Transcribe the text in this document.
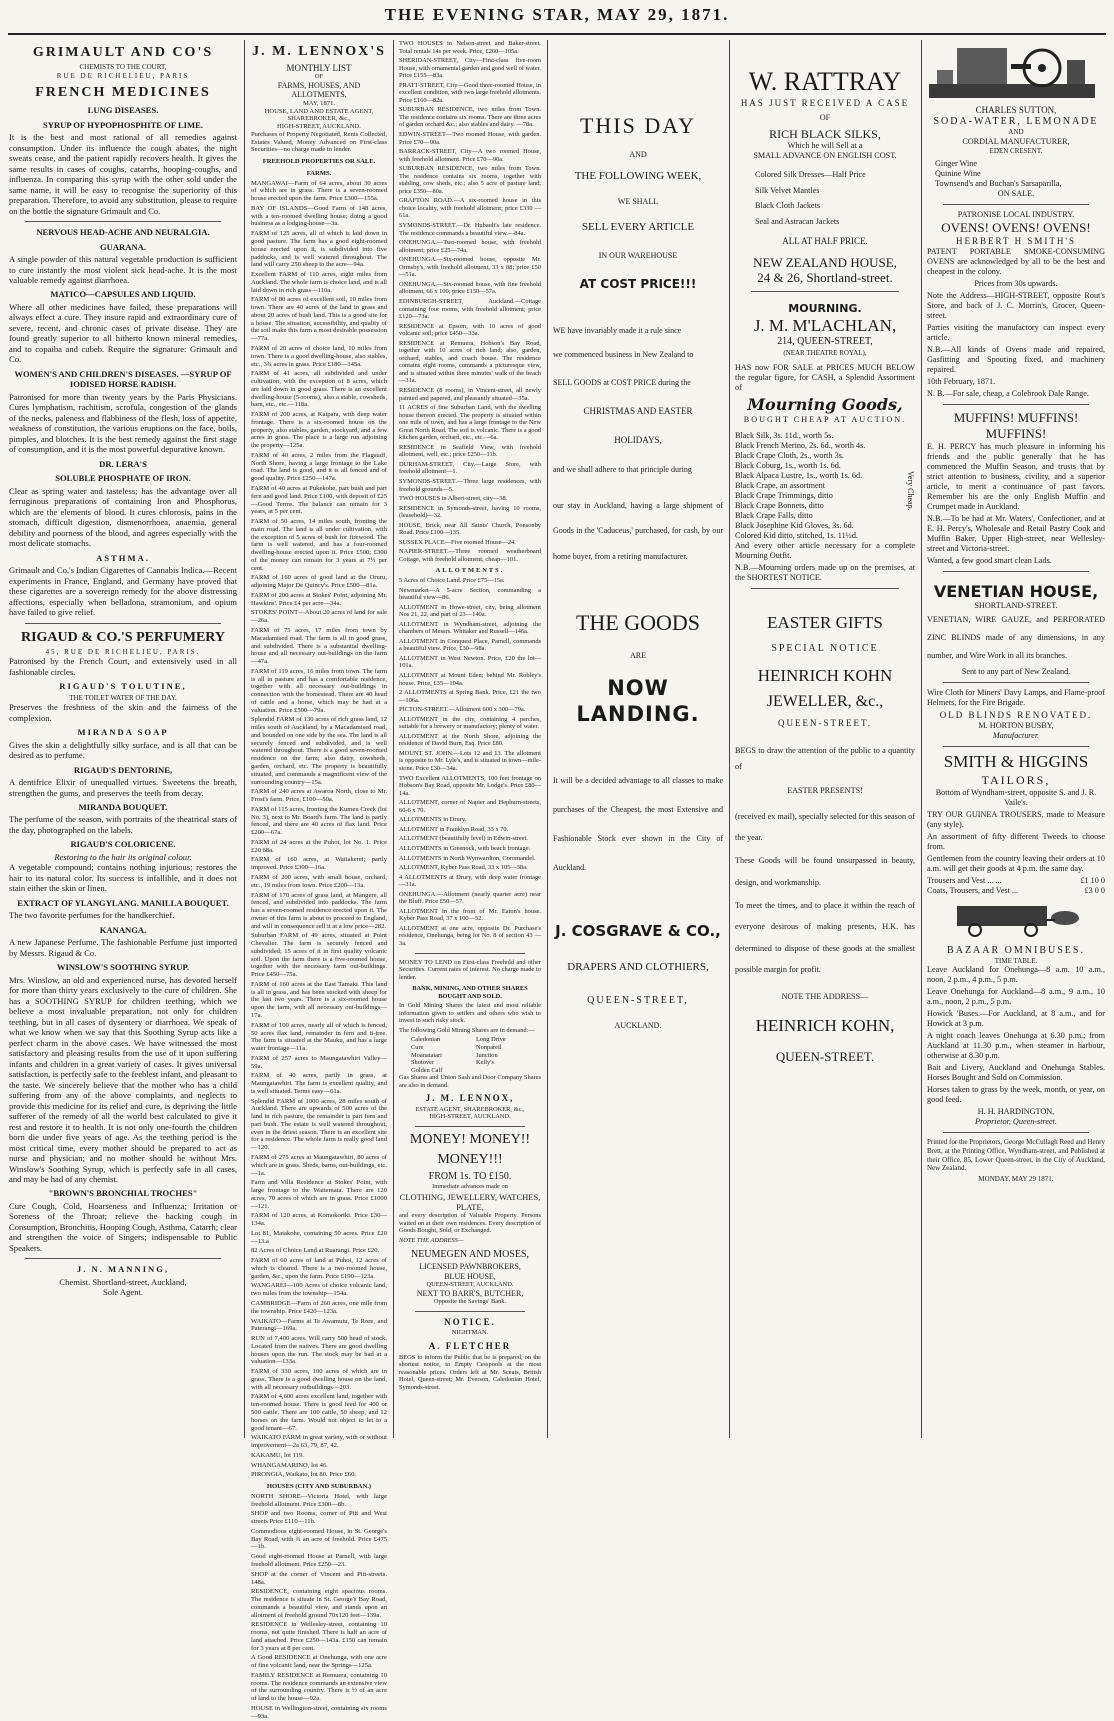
THE EVENING STAR, MAY 29, 1871.
GRIMAULT AND CO'S
CHEMISTS TO THE COURT,
RUE DE RICHELIEU, PARIS
FRENCH MEDICINES
LUNG DISEASES.
SYRUP OF HYPOPHOSPHITE OF LIME.

It is the best and most rational of all remedies against consumption. Under its influence the cough abates, the night sweats cease, and the patient rapidly recovers health. It gives the same results in cases of coughs, catarrhs, hooping-coughs, and influenza. In comparing this syrup with the other sold under the same name, it will be easy to recognise the superiority of this preparation. Therefore, to avoid any substitution, please to require on the bottle the signature Grimault and Co.

NERVOUS HEAD-ACHE AND NEURALGIA.
GUARANA.

A single powder of this natural vegetable production is sufficient to cure instantly the most violent sick head-ache. It is the most valuable remedy against diarrhoea.

MATICO—CAPSULES AND LIQUID.

Where all other medicines have failed, these preparations will always effect a cure. They insure rapid and extraordinary cure of severe, recent, and chronic cases of private disease. They are found greatly superior to all hitherto known mineral remedies, and to copaiba and cubeb. Require the signature: Grimault and Co.

WOMEN'S AND CHILDREN'S DISEASES. —SYRUP OF IODISED HORSE RADISH.

Patronised for more than twenty years by the Paris Physicians. Cures lymphatism, rachitism, scrofula, congestion of the glands of the necks, paleness and flabbiness of the flesh, loss of appetite, weakness of constitution, the various eruptions on the face, boils, pimples, and blotches. It is the best remedy against the first stage of consumption, and it is the most powerful depurative known.

DR. LERA'S
SOLUBLE PHOSPHATE OF IRON.

Clear as spring water and tasteless; has the advantage over all ferruginous preparations of containing Iron and Phosphorus, which are the elements of blood. It cures chlorosis, pains in the stomach, difficult digestion, dismenorrhoea, anaemia, general debility and poorness of the blood, and agrees especially with the most delicate stomachs.

ASTHMA.

Grimault and Co.'s Indian Cigarettes of Cannabis Indica.—Recent experiments in France, England, and Germany have proved that these cigarettes are a sovereign remedy for the above distressing affections, especially when belladona, stramonium, and opium have failed to give relief.

RIGAUD & CO.'S PERFUMERY
45, RUE DE RICHELIEU, PARIS.

Patronised by the French Court, and extensively used in all fashionable circles.

RIGAUD'S TOLUTINE,
THE TOILET WATER OF THE DAY.

Preserves the freshness of the skin and the fairness of the complexion.

MIRANDA SOAP

Gives the skin a delightfully silky surface, and is all that can be desired as to perfume.

RIGAUD'S DENTORINE,

A dentifrice Elixir of unequalled virtues. Sweetens the breath, strengthen the gums, and preserves the teeth from decay.

MIRANDA BOUQUET.

The perfume of the season, with portraits of the theatrical stars of the day, photographed on the labels.

RIGAUD'S COLORICENE.
Restoring to the hair its original colour.

A vegetable compound; contains nothing injurious; restores the hair to its natural color. Its success is infallible, and it does not stain either the skin or linen.

EXTRACT OF YLANGYLANG. MANILLA BOUQUET.

The two favorite perfumes for the handkerchief.

KANANGA.

A new Japanese Perfume. The fashionable Perfume just imported by Messrs. Rigaud & Co.

WINSLOW'S SOOTHING SYRUP.

Mrs. Winslow, an old and experienced nurse, has devoted herself for more than thirty years exclusively to the cure of children. She has a SOOTHING SYRUP for children teething, which we believe a most invaluable preparation, not only for children teething, but in all cases of dysentery or diarrhoea. We speak of what we know when we say that this Soothing Syrup acts like a perfect charm in the above cases. We have witnessed the most satisfactory and pleasing results from the use of it upon suffering infants and children in a great variety of cases. It gives universal satisfaction, is perfectly safe to the feeblest infant, and pleasant to the taste. We sincerely believe that the mother who has a child suffering from any of the above complaints, and neglects to provide this medicine for its relief and cure, is depriving the little sufferer of the remedy of all the world best calculated to give it rest and restore it to health. It is not only one-fourth the children born die under five years of age. As the teething period is the most critical time, every mother should be prepared to act as nurse and physician; and no mother should be without Mrs. Winslow's Soothing Syrup, which is perfectly safe in all cases, and may be had of any chemist.

"BROWN'S BRONCHIAL TROCHES"

Cure Cough, Cold, Hoarseness and Influenza; Irritation or Soreness of the Throat; relieve the hacking cough in Consumption, Bronchitis, Hooping Cough, Asthma, Catarrh; clear and strengthen the voice of Singers; indispensable to Public Speakers.

J. N. MANNING,
Chemist. Shortland-street, Auckland,
Sole Agent.
J. M. LENNOX'S
MONTHLY LIST
OF
FARMS, HOUSES, AND ALLOTMENTS,
MAY, 1871.
HOUSE, LAND AND ESTATE AGENT, SHAREBROKER, &c.,
HIGH-STREET, AUCKLAND.

Purchases of Property Negotiated, Rents Collected, Estates Valued, Money Advanced on First-class Securities—no charge made to lender.

FREEHOLD PROPERTIES OR SALE.
FARMS.

MANGAWAI—Farm of 64 acres, about 30 acres of which are in grass. There is a seven-roomed house erected upon the farm. Price £300—155a.

BAY OF ISLANDS—Good Farm of 148 acres, with a ten-roomed dwelling house; doing a good business as a lodging-house—3a.

FARM of 125 acres, all of which is laid down in good pasture. The farm has a good eight-roomed house erected upon it, is subdivided into five paddocks, and is well watered throughout. The land will carry 250 sheep to the acre—94a.

Excellent FARM of 110 acres, eight miles from Auckland. The whole farm is choice land, and is all laid down in rich grass—110a.

FARM of 80 acres of excellent soil, 10 miles from town. There are 40 acres of the land in grass and about 20 acres of bush land. This is a good site for a house. The situation, accessibility, and quality of the soil make this farm a most desirable possession—77a.

FARM of 20 acres of choice land, 10 miles from town. There is a good dwelling-house, also stables, etc., 3¾ acres in grass. Price £180—145a.

FARM of 41 acres, all subdivided and under cultivation, with the exception of 8 acres, which are laid down in good grass. There is an excellent dwelling-house (5-rooms), also a stable, cowsheds, barn, etc., etc.—118a.

FARM of 200 acres, at Kaipara, with deep water frontage. There is a six-roomed house on the property, also stables, garden, stockyard, and a few acres in grass. The place is a large run adjoining the property—125a.

FARM of 40 acres, 2 miles from the Flagstaff, North Shore, having a large frontage to the Lake road. The land is good, and it is all fenced and of good quality. Price £250—147a.

FARM of 40 acres at Pukekohe, part bush and part fern and good land. Price £100, with deposit of £25—Good Terms. The balance can remain for 3 years, at 5 per cent.

FARM of 50 acres, 14 miles south, fronting the main road. The land is all under cultivation, with the exception of 5 acres of bush for firewood. The farm is well watered, and has a four-roomed dwelling-house erected upon it. Price £500; £300 of the money can remain for 3 years at 7½ per cent.

FARM of 160 acres of good land at the Oruru, adjoining Major De Quincy's. Price £500—81a.

FARM of 200 acres at Stokes' Point, adjoining Mr. Hawkins'. Price £4 per acre—34a.

STOKES' POINT—About 20 acres of land for sale —26a.

FARM of 75 acres, 17 miles from town by Macadamised road. The farm is all in good grass, and subdivided. There is a substantial dwelling-house and all necessary out-buildings on the farm—47a.

FARM of 119 acres, 16 miles from town. The farm is all in pasture and has a comfortable residence, together with all necessary out-buildings in connection with the homestead. There are 40 head of cattle and a horse, which may be had at a valuation. Price £500—79a.

Splendid FARM of 130 acres of rich grass land, 12 miles south of Auckland, by a Macadamised road, and bounded on one side by the sea. The land is all securely fenced and subdivided, and is well watered throughout. There is a good seven-roomed residence on the farm; also dairy, cowsheds, garden, orchard, etc. The property is beautifully situated, and commands a magnificent view of the surrounding country—15a.

FARM of 240 acres at Awaroa North, close to Mr. Frost's farm. Price, £100—50a.

FARM of 115 acres, fronting the Kumeu Creek (lot No. 3), next to Mr. Board's farm. The land is partly fenced, and there are 40 acres of flax land. Price £200—67a.

FARM of 24 acres at the Puhoi, lot No. 1. Price £20 68a.

FARM of 160 acres, at Waitakerei; partly improved. Price £300—16a.

FARM of 200 acres, with small house, orchard, etc., 19 miles from town. Price £200—13a.

FARM of 170 acres of grass land, at Mangere, all fenced, and subdivided into paddocks. The farm has a seven-roomed residence erected upon it. The owner of this farm is about to proceed to England, and will in consequence sell it at a low price—282.

Suburban FARM of 49 acres, situated at Point Chevalier. The farm is securely fenced and subdivided; 15 acres of it in first quality volcanic soil. Upon the farm there is a five-roomed house, together with the necessary farm out-buildings. Price £450—75a.

FARM of 160 acres at the East Tamaki. This land is all in grass, and has been stocked with sheep for the last two years. There is a six-roomed house upon the farm, with all necessary out-buildings—17a.

FARM of 100 acres, nearly all of which is fenced, 50 acres flax land, remainder in fern and ti-tree. The farm is situated at the Mauku, and has a large water frontage—11a.

FARM of 257 acres to Maungatawhiri Valley—59a.

FARM of 40 acres, partly in grass, at Maungatawhiri. The farm is excellent quality, and is well situated. Terms easy—61a.

Splendid FARM of 1000 acres, 28 miles south of Auckland. There are upwards of 500 acres of the land in rich pasture, the remainder is part fern and part bush. The estate is well watered throughout, even in the driest season. There is an excellent site for a residence. The whole farm is really good land—120.

FARM of 275 acres at Maungatawhiri, 80 acres of which are in grass. Sheds, barns, out-buildings, etc.—1a.

Farm and Villa Residence at Stokes' Point, with large frontage to the Waitemata. There are 120 acres, 70 acres of which are in grass. Price £1000—121.

FARM of 120 acres, at Komokoriki. Price £30—134a.

Lot 81, Matakohe, containing 50 acres. Price £20—13.a

82 Acres of Choice Land at Ruarangi. Price £20.

FARM of 60 acres of land at Puhoi, 12 acres of which is cleared. There is a two-roomed house, garden, &c., upon the farm. Price £190—123a.

WANGAREI—100 Acres of choice volcanic land, two miles from the township—154a.

CAMBRIDGE—Farm of 260 acres, one mile from the township. Price £420—123a.

WAIKATO—Farms at Te Awamutu, Te Rore, and Paterangi—169a.

RUN of 7,400 acres. Will carry 500 head of stock. Located from the natives. There are good dwelling houses upon the run. The stock may be had at a valuation—133a.

FARM of 330 acres, 100 acres of which are in grass. There is a good dwelling house on the land, with all necessary outbuildings—203.

FARM of 4,600 acres excellent land, together with ten-roomed house. There is good feed for 400 or 500 cattle. There are 100 cattle, 50 sheep, and 12 horses on the farm. Would not object to let to a good tenant—67.

WAIKATO FARM in great variety, with or without improvement—2a 63, 79, 87, 42.

KAKAMU, lot 119.

WHANGAMARINO, lot 46.

PIRONGIA, Waikato, lot 80. Price £60.

HOUSES (CITY AND SUBURBAN.)

NORTH SHORE—Victoria Hotel, with large freehold allotment. Price £300—8b.

SHOP and two Rooms, corner of Pitt and West streets Price £110—11b.

Commodious eight-roomed House, in St. George's Bay Road, with ¾ an acre of freehold. Price £475 —1b.

Good eight-roomed House at Parnell, with large freehold allotment. Price £250—23.

SHOP at the corner of Vincent and Pitt-streets. 148a.

RESIDENCE, containing eight spacious rooms. The residence is situate in St. George's Bay Road, commands a beautiful view, and stands upon an allotment of freehold ground 70x120 feet—139a.

RESIDENCE in Wellesley-street, containing 10 rooms, not quite finished. There is half an acre of land attached. Price £250—143a. £150 can remain for 3 years at 8 per cent.

A Good RESIDENCE at Onehunga, with one acre of fine volcanic land, near the Springs—125a.

FAMILY RESIDENCE at Remuera, containing 10 rooms. The residence commands an extensive view of the surrounding country. There is ½ of an acre of land to the house—92a.

HOUSE in Wellington-street, containing six rooms—93a.

TWO HOUSES in Nelson-street and Baker-street. Total rentals 14s per week. Price, £260—105a.

SHERIDAN-STREET, City—First-class five-room House, with ornamental garden and good well of water. Price £155—83a.

PRATT-STREET, City—Good three-roomed House, in excellent condition, with two large freehold allotments. Price £160—82a.

SUBURBAN RESIDENCE, two miles from Town. The residence contains six rooms. There are three acres of garden orchard &c.; also stables and dairy. —78a.

EDWIN-STREET—Two roomed House, with garden. Price £70—90a.

BARRACK-STREET, City—A two roomed House, with freehold allotment. Price £70—90a.

SUBURBAN RESIDENCE, two miles from Town. The residence contains six rooms, together with stabling, cow sheds, etc.; also 5 acre of pasture land; price £350—80a.

GRAFTON ROAD.—A six-roomed house in this choice locality, with freehold allotment; price £330 —61a.

SYMONDS-STREET.—Dr. Hubault's late residence. The residence commands a beautiful view.—84a.

ONEHUNGA.—Two-roomed house, with freehold allotment; price £25—74a.

ONEHUNGA.—Six-roomed house, opposite Mr. Ormsby's, with freehold allotment, 33 x 88; price £50—51a.

ONEHUNGA.—Six-roomed house, with fine freehold allotment, 66 x 100; price £150—57a.

EDINBURGH-STREET, Auckland.—Cottage containing four rooms, with freehold allotment; price £120—73a.

RESIDENCE at Epsom, with 10 acres of good volcanic soil; price £450—33a.

RESIDENCE at Remuera, Hobson's Bay Road, together with 10 acres of rich land; also, garden, orchard, stables, and coach house. The residence contains eight rooms, commands a picturesque view, and is situated within three minutes' walk of the beach—31a.

RESIDENCE (8 rooms), in Vincent-street, all newly painted and papered, and pleasantly situated—35a.

11 ACRES of fine Suburban Land, with the dwelling house thereon erected. The property is situated within one mile of town, and has a large frontage to the New Great North Road. The soil is volcanic. There is a good kitchen garden, orchard, etc., etc.—6a.

RESIDENCE in Seafield View, with freehold allotment, well, etc.; price £250—11b.

DURHAM-STREET, City.—Large Store, with freehold allotment—1.

SYMONDS-STREET.—Three large residences, with freehold grounds—5.

TWO HOUSES in Albert-street, city—38.

RESIDENCE in Symonds-street, having 10 rooms, (leasehold)—32.

HOUSE, Brick, near All Saints' Church, Ponsonby Road. Price £100—135.

SUSSEX PLACE—Five roomed House—24.

NAPIER-STREET.—Three roomed weatherboard Cottage, with freehold allotment; cheap—101.

ALLOTMENTS.

5 Acres of Choice Land. Price £75—15a.

Newmarket—A 5-acre Section, commanding a beautiful view—86.

ALLOTMENT in Howe-street, city, being allotment Nos 21, 22, and part of 23—140a.

ALLOTMENT in Wyndham-street, adjoining the chambers of Messrs. Whitaker and Russell—146a.

ALLOTMENT in Conquest Place, Parnell, commands a beautiful view. Price, £30—98a.

ALLOTMENT in West Newton. Price, £20 the lot—101a.

ALLOTMENT at Mount Eden; behind Mr. Robley's house. Price, £35—104a.

2 ALLOTMENTS at Spring Bank. Price, £21 the two—106a.

PICTON-STREET.—Allotment 600 x 300—79a.

ALLOTMENT in the city, containing 4 perches, suitable for a brewery or manufactory; plenty of water.

ALLOTMENT at the North Shore, adjoining the residence of David Burn, Esq. Price £80.

MOUNT ST. JOHN.—Lots 12 and 13. The allotment is opposite to Mr. Lyle's, and is situated in town—mile-stone. Price £30—34a.

TWO Excellent ALLOTMENTS, 100 feet frontage on Hobson's Bay Road, opposite Mr. Lodge's. Price £80—14a.

ALLOTMENT, corner of Napier and Hepburn-streets, 60-6 x 70.

ALLOTMENTS in Drury.

ALLOTMENT in Franklyn Road, 33 x 70.

ALLOTMENT (beautifully level) in Edwin-street.

ALLOTMENTS in Greenock, with beach frontage.

ALLOTMENTS in North Wynwardton, Coromandel.

ALLOTMENT, Kyber Pass Road, 33 x 105—38a.

4 ALLOTMENTS at Drury, with deep water frontage —31a.

ONEHUNGA.—Allotment (nearly quarter acre) near the Bluff. Price £50—57.

ALLOTMENT in the front of Mr. Eaton's house. Kyber Pass Road, 37 x 100—52.

ALLOTMENT at one acre, opposite Dr. Purchase's residence, Onehunga, being lot No. 8 of section 43 —3a.

MONEY TO LEND on First-class Freehold and other Securities. Current rates of interest. No charge made to lender.

BANK, MINING, AND OTHER SHARES BOUGHT AND SOLD.

In Gold Mining Shares the latest and most reliable information given to settlers and others who wish to invest in such risky stock.

The following Gold Mining Shares are in demand:—

Caledonian	Long Drive
Cure	Nonpareil
Moanataiari	Junction
Shotover	Kelly's
Golden Calf

Gas Shares and Union Sash and Door Company Shares are also in demand.

J. M. LENNOX,
ESTATE AGENT, SHAREBROKER, &c.,
HIGH-STREET, AUCKLAND.
MONEY! MONEY!!
MONEY!!!
FROM 1s. TO £150.

Immediate advances made on

CLOTHING, JEWELLERY, WATCHES, PLATE,

and every description of Valuable Property. Persons waited on at their own residences. Every description of Goods Bought, Sold, or Exchanged.

NOTE THE ADDRESS—
NEUMEGEN AND MOSES,
LICENSED PAWNBROKERS,
BLUE HOUSE,
QUEEN-STREET, AUCKLAND.
NEXT TO BARR'S, BUTCHER,
Opposite the Savings' Bank.
NOTICE.
NIGHTMAN.
A. FLETCHER

BEGS to inform the Public that he is prepared, on the shortest notice, to Empty Cesspools at the most reasonable prices. Orders left at Mr. Sceats, British Hotel, Queen-street; Mr. Everson, Caledonian Hotel, Symonds-street.

THIS DAY
AND
THE FOLLOWING WEEK,
WE SHALL
SELL EVERY ARTICLE
IN OUR WAREHOUSE
AT COST PRICE!!!

WE have invariably made it a rule since

we commenced business in New Zealand to

SELL GOODS at COST PRICE during the

CHRISTMAS AND EASTER
HOLIDAYS,

and we shall adhere to that principle during

our stay in Auckland, having a large shipment of Goods in the 'Caduceus,' purchased, for cash, by our home buyer, from a retiring manufacturer.

THE GOODS
ARE
NOW LANDING.

It will be a decided advantage to all classes to make purchases of the Cheapest, the most Extensive and Fashionable Stock ever shown in the City of Auckland.

J. COSGRAVE & CO.,
DRAPERS AND CLOTHIERS,
QUEEN-STREET,
AUCKLAND.
W. RATTRAY
HAS JUST RECEIVED A CASE
OF
RICH BLACK SILKS,
Which he will Sell at a
SMALL ADVANCE ON ENGLISH COST.
Colored Silk Dresses—Half Price
Silk Velvet Mantles
Black Cloth Jackets
Seal and Astracan Jackets
ALL AT HALF PRICE.
NEW ZEALAND HOUSE,
24 & 26, Shortland-street.
MOURNING.
J. M. M'LACHLAN,
214, QUEEN-STREET,
(NEAR THEATRE ROYAL),

HAS now FOR SALE at PRICES MUCH BELOW the regular figure, for CASH, a Splendid Assortment of

Mourning Goods,
BOUGHT CHEAP AT AUCTION.
Black Silk, 3s. 11d., worth 5s.
Black French Merino, 2s. 6d., worth 4s.
Black Crape Cloth, 2s., worth 3s.
Black Coburg, 1s., worth 1s. 6d.
Black Alpaca Lustre, 1s., worth 1s. 6d.
Black Crape, an assortment
Black Crape Trimmings, ditto
Black Crape Bonnets, ditto
Black Crape Falls, ditto
Black Josephine Kid Gloves, 3s. 6d.
Colored Kid ditto, stitched, 1s. 11½d.
Very Cheap.

And every other article necessary for a complete Mourning Outfit.

N.B.—Mourning orders made up on the premises, at the SHORTEST NOTICE.

EASTER GIFTS
SPECIAL NOTICE
HEINRICH KOHN
JEWELLER, &c.,
QUEEN-STREET.

BEGS to draw the attention of the public to a quantity of

EASTER PRESENTS!

(received ex mail), specially selected for this season of the year.

These Goods will be found unsurpassed in beauty, design, and workmanship.

To meet the times, and to place it within the reach of everyone desirous of making presents, H.K. has determined to dispose of these goods at the smallest possible margin for profit.

NOTE THE ADDRESS—
HEINRICH KOHN,
QUEEN-STREET.
CHARLES SUTTON,
SODA-WATER, LEMONADE
AND
CORDIAL MANUFACTURER,
EDEN CRESENT.
Ginger Wine
Quinine Wine
Townsend's and Buchan's Sarsaparilla,
ON SALE.
PATRONISE LOCAL INDUSTRY.
OVENS! OVENS! OVENS!
HERBERT H SMITH'S

PATENT PORTABLE SMOKE-CONSUMING OVENS are acknowledged by all to be the best and cheapest in the colony.

Prices from 30s upwards.

Note the Address—HIGH-STREET, opposite Rout's Store, and back of J. C. Morrin's, Grocer, Queen-street.

Parties visiting the manufactory can inspect every article.

N.B.—All kinds of Ovens made and repaired, Gasfitting and Spouting fixed, and machinery repaired.

10th February, 1871.

N. B.—For sale, cheap, a Colebrook Dale Range.

MUFFINS! MUFFINS! MUFFINS!

E. H. PERCY has much pleasure in informing his friends and the public generally that he has commenced the Muffin Season, and trusts that by strict attention to business, civility, and a superior article, to merit a continuance of past favors. Remember his are the only English Muffin and Crumpet made in Auckland.

N.B.—To be had at Mr. Waters', Confectioner, and at E. H. Percy's, Wholesale and Retail Pastry Cook and Muffin Baker, Upper High-street, near Wellesley-street and Victoria-street.

Wanted, a few good smart clean Lads.

VENETIAN HOUSE,
SHORTLAND-STREET.

VENETIAN, WIRE GAUZE, and PERFORATED ZINC BLINDS made of any dimensions, in any number, and Wire Work in all its branches.

Sent to any part of New Zealand.

Wire Cloth for Miners' Davy Lamps, and Flame-proof Helmets, for the Fire Brigade.

OLD BLINDS RENOVATED.
M. HORTON BUSBY,
Manufacturer.
SMITH & HIGGINS
TAILORS,

Bottom of Wyndham-street, opposite S. and J. R. Vaile's.

TRY OUR GUINEA TROUSERS, made to Measure (any style).

An assortment of fifty different Tweeds to choose from.

Gentlemen from the country leaving their orders at 10 a.m. will get their goods at 4 p.m. the same day.

Trousers and Vest ... ...	£1 10 0
Coats, Trousers, and Vest ...	£3 0 0
BAZAAR OMNIBUSES.
TIME TABLE.

Leave Auckland for Onehunga—8 a.m. 10 a.m., noon, 2 p.m., 4 p.m., 5 p.m.

Leave Onehunga for Auckland—8 a.m., 9 a.m., 10 a.m., noon, 2 p.m., 5 p.m.

Howick 'Buses.—For Auckland, at 8 a.m., and for Howick at 3 p.m.

A night coach leaves Onehunga at 6.30 p.m.; from Auckland at 11.30 p.m., when steamer in harbour, otherwise at 8.30 p.m.

Bait and Livery, Auckland and Onehunga Stables. Horses Bought and Sold on Commission.

Horses taken to grass by the week, month, or year, on good feed.

H. H. HARDINGTON,
Proprietor, Queen-street.

Printed for the Proprietors, George McCullagh Reed and Henry Brett, at the Printing Office, Wyndham-street, and Published at their Office, 85, Lower Queen-street, in the City of Auckland, New Zealand.

MONDAY, MAY 29 1871.
